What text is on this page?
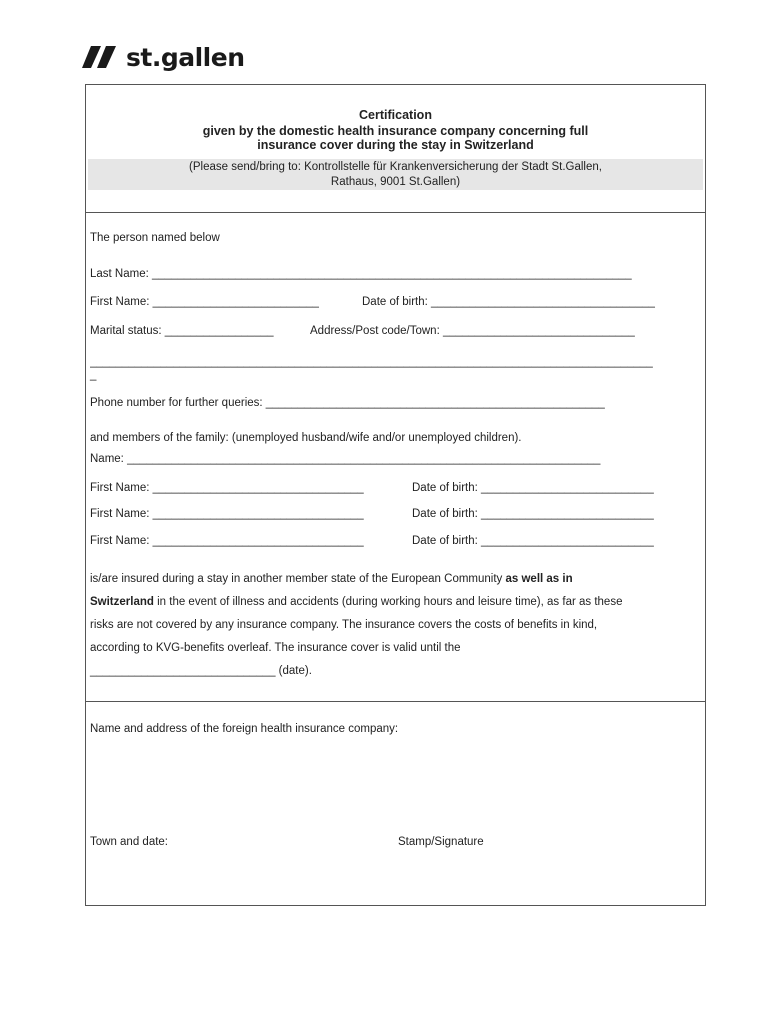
st.gallen
Certification
given by the domestic health insurance company concerning full
insurance cover during the stay in Switzerland
(Please send/bring to: Kontrollstelle für Krankenversicherung der Stadt St.Gallen,
Rathaus, 9001 St.Gallen)
The person named below
Last Name: ___________________________________________________________________________
First Name: __________________________	Date of birth: ___________________________________
Marital status: _________________	Address/Post code/Town: ______________________________
________________________________________________________________________________________
_
Phone number for further queries: _____________________________________________________
and members of the family: (unemployed husband/wife and/or unemployed children).
Name: __________________________________________________________________________
First Name: _________________________________	Date of birth: ___________________________
First Name: _________________________________	Date of birth: ___________________________
First Name: _________________________________	Date of birth: ___________________________
is/are insured during a stay in another member state of the European Community as well as in
Switzerland in the event of illness and accidents (during working hours and leisure time), as far as these
risks are not covered by any insurance company. The insurance covers the costs of benefits in kind,
according to KVG-benefits overleaf. The insurance cover is valid until the
_____________________________ (date).
Name and address of the foreign health insurance company:
Town and date:	Stamp/Signature
